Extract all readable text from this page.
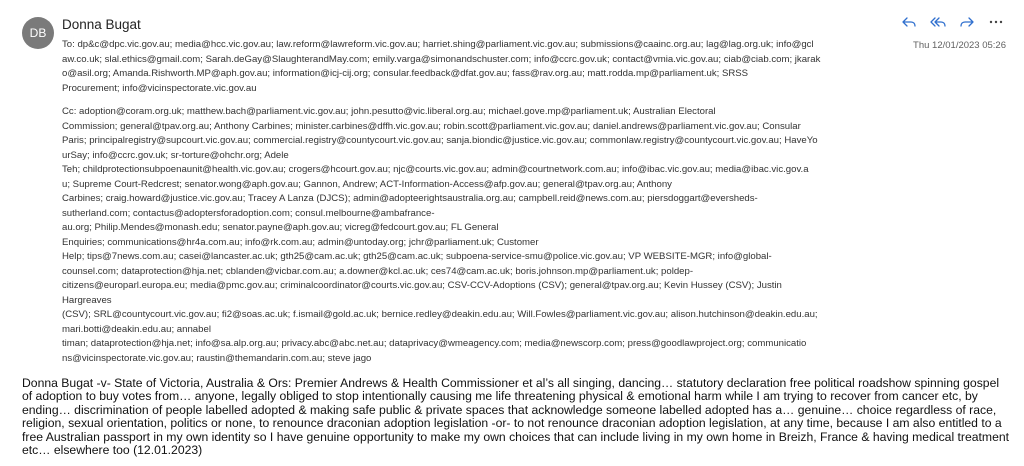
DB
Donna Bugat
Thu 12/01/2023 05:26
To: dp&c@dpc.vic.gov.au; media@hcc.vic.gov.au; law.reform@lawreform.vic.gov.au; harriet.shing@parliament.vic.gov.au; submissions@caainc.org.au; lag@lag.org.uk; info@gcl
aw.co.uk; slal.ethics@gmail.com; Sarah.deGay@SlaughterandMay.com; emily.varga@simonandschuster.com; info@ccrc.gov.uk; contact@vmia.vic.gov.au; ciab@ciab.com; jkarak
o@asil.org; Amanda.Rishworth.MP@aph.gov.au; information@icj-cij.org; consular.feedback@dfat.gov.au; fass@rav.org.au; matt.rodda.mp@parliament.uk; SRSS
Procurement; info@vicinspectorate.vic.gov.au
Cc: adoption@coram.org.uk; matthew.bach@parliament.vic.gov.au; john.pesutto@vic.liberal.org.au; michael.gove.mp@parliament.uk; Australian Electoral
Commission; general@tpav.org.au; Anthony Carbines; minister.carbines@dffh.vic.gov.au; robin.scott@parliament.vic.gov.au; daniel.andrews@parliament.vic.gov.au; Consular
Paris; principalregistry@supcourt.vic.gov.au; commercial.registry@countycourt.vic.gov.au; sanja.biondic@justice.vic.gov.au; commonlaw.registry@countycourt.vic.gov.au; HaveYo
urSay; info@ccrc.gov.uk; sr-torture@ohchr.org; Adele
Teh; childprotectionsubpoenaunit@health.vic.gov.au; crogers@hcourt.gov.au; njc@courts.vic.gov.au; admin@courtnetwork.com.au; info@ibac.vic.gov.au; media@ibac.vic.gov.a
u; Supreme Court-Redcrest; senator.wong@aph.gov.au; Gannon, Andrew; ACT-Information-Access@afp.gov.au; general@tpav.org.au; Anthony
Carbines; craig.howard@justice.vic.gov.au; Tracey A Lanza (DJCS); admin@adopteerightsaustralia.org.au; campbell.reid@news.com.au; piersdoggart@eversheds-
sutherland.com; contactus@adoptersforadoption.com; consul.melbourne@ambafrance-
au.org; Philip.Mendes@monash.edu; senator.payne@aph.gov.au; vicreg@fedcourt.gov.au; FL General
Enquiries; communications@hr4a.com.au; info@rk.com.au; admin@untoday.org; jchr@parliament.uk; Customer
Help; tips@7news.com.au; casei@lancaster.ac.uk; gth25@cam.ac.uk; gth25@cam.ac.uk; subpoena-service-smu@police.vic.gov.au; VP WEBSITE-MGR; info@global-
counsel.com; dataprotection@hja.net; cblanden@vicbar.com.au; a.downer@kcl.ac.uk; ces74@cam.ac.uk; boris.johnson.mp@parliament.uk; poldep-
citizens@europarl.europa.eu; media@pmc.gov.au; criminalcoordinator@courts.vic.gov.au; CSV-CCV-Adoptions (CSV); general@tpav.org.au; Kevin Hussey (CSV); Justin
Hargreaves
(CSV); SRL@countycourt.vic.gov.au; fi2@soas.ac.uk; f.ismail@gold.ac.uk; bernice.redley@deakin.edu.au; Will.Fowles@parliament.vic.gov.au; alison.hutchinson@deakin.edu.au;
mari.botti@deakin.edu.au; annabel
timan; dataprotection@hja.net; info@sa.alp.org.au; privacy.abc@abc.net.au; dataprivacy@wmeagency.com; media@newscorp.com; press@goodlawproject.org; communicatio
ns@vicinspectorate.vic.gov.au; raustin@themandarin.com.au; steve jago
Donna Bugat -v- State of Victoria, Australia & Ors: Premier Andrews & Health Commissioner et al’s all singing, dancing… statutory declaration free political roadshow spinning gospel
of adoption to buy votes from… anyone, legally obliged to stop intentionally causing me life threatening physical & emotional harm while I am trying to recover from cancer etc, by
ending… discrimination of people labelled adopted & making safe public & private spaces that acknowledge someone labelled adopted has a… genuine… choice regardless of race,
religion, sexual orientation, politics or none, to renounce draconian adoption legislation -or- to not renounce draconian adoption legislation, at any time, because I am also entitled to a
free Australian passport in my own identity so I have genuine opportunity to make my own choices that can include living in my own home in Breizh, France & having medical treatment
etc… elsewhere too (12.01.2023)
